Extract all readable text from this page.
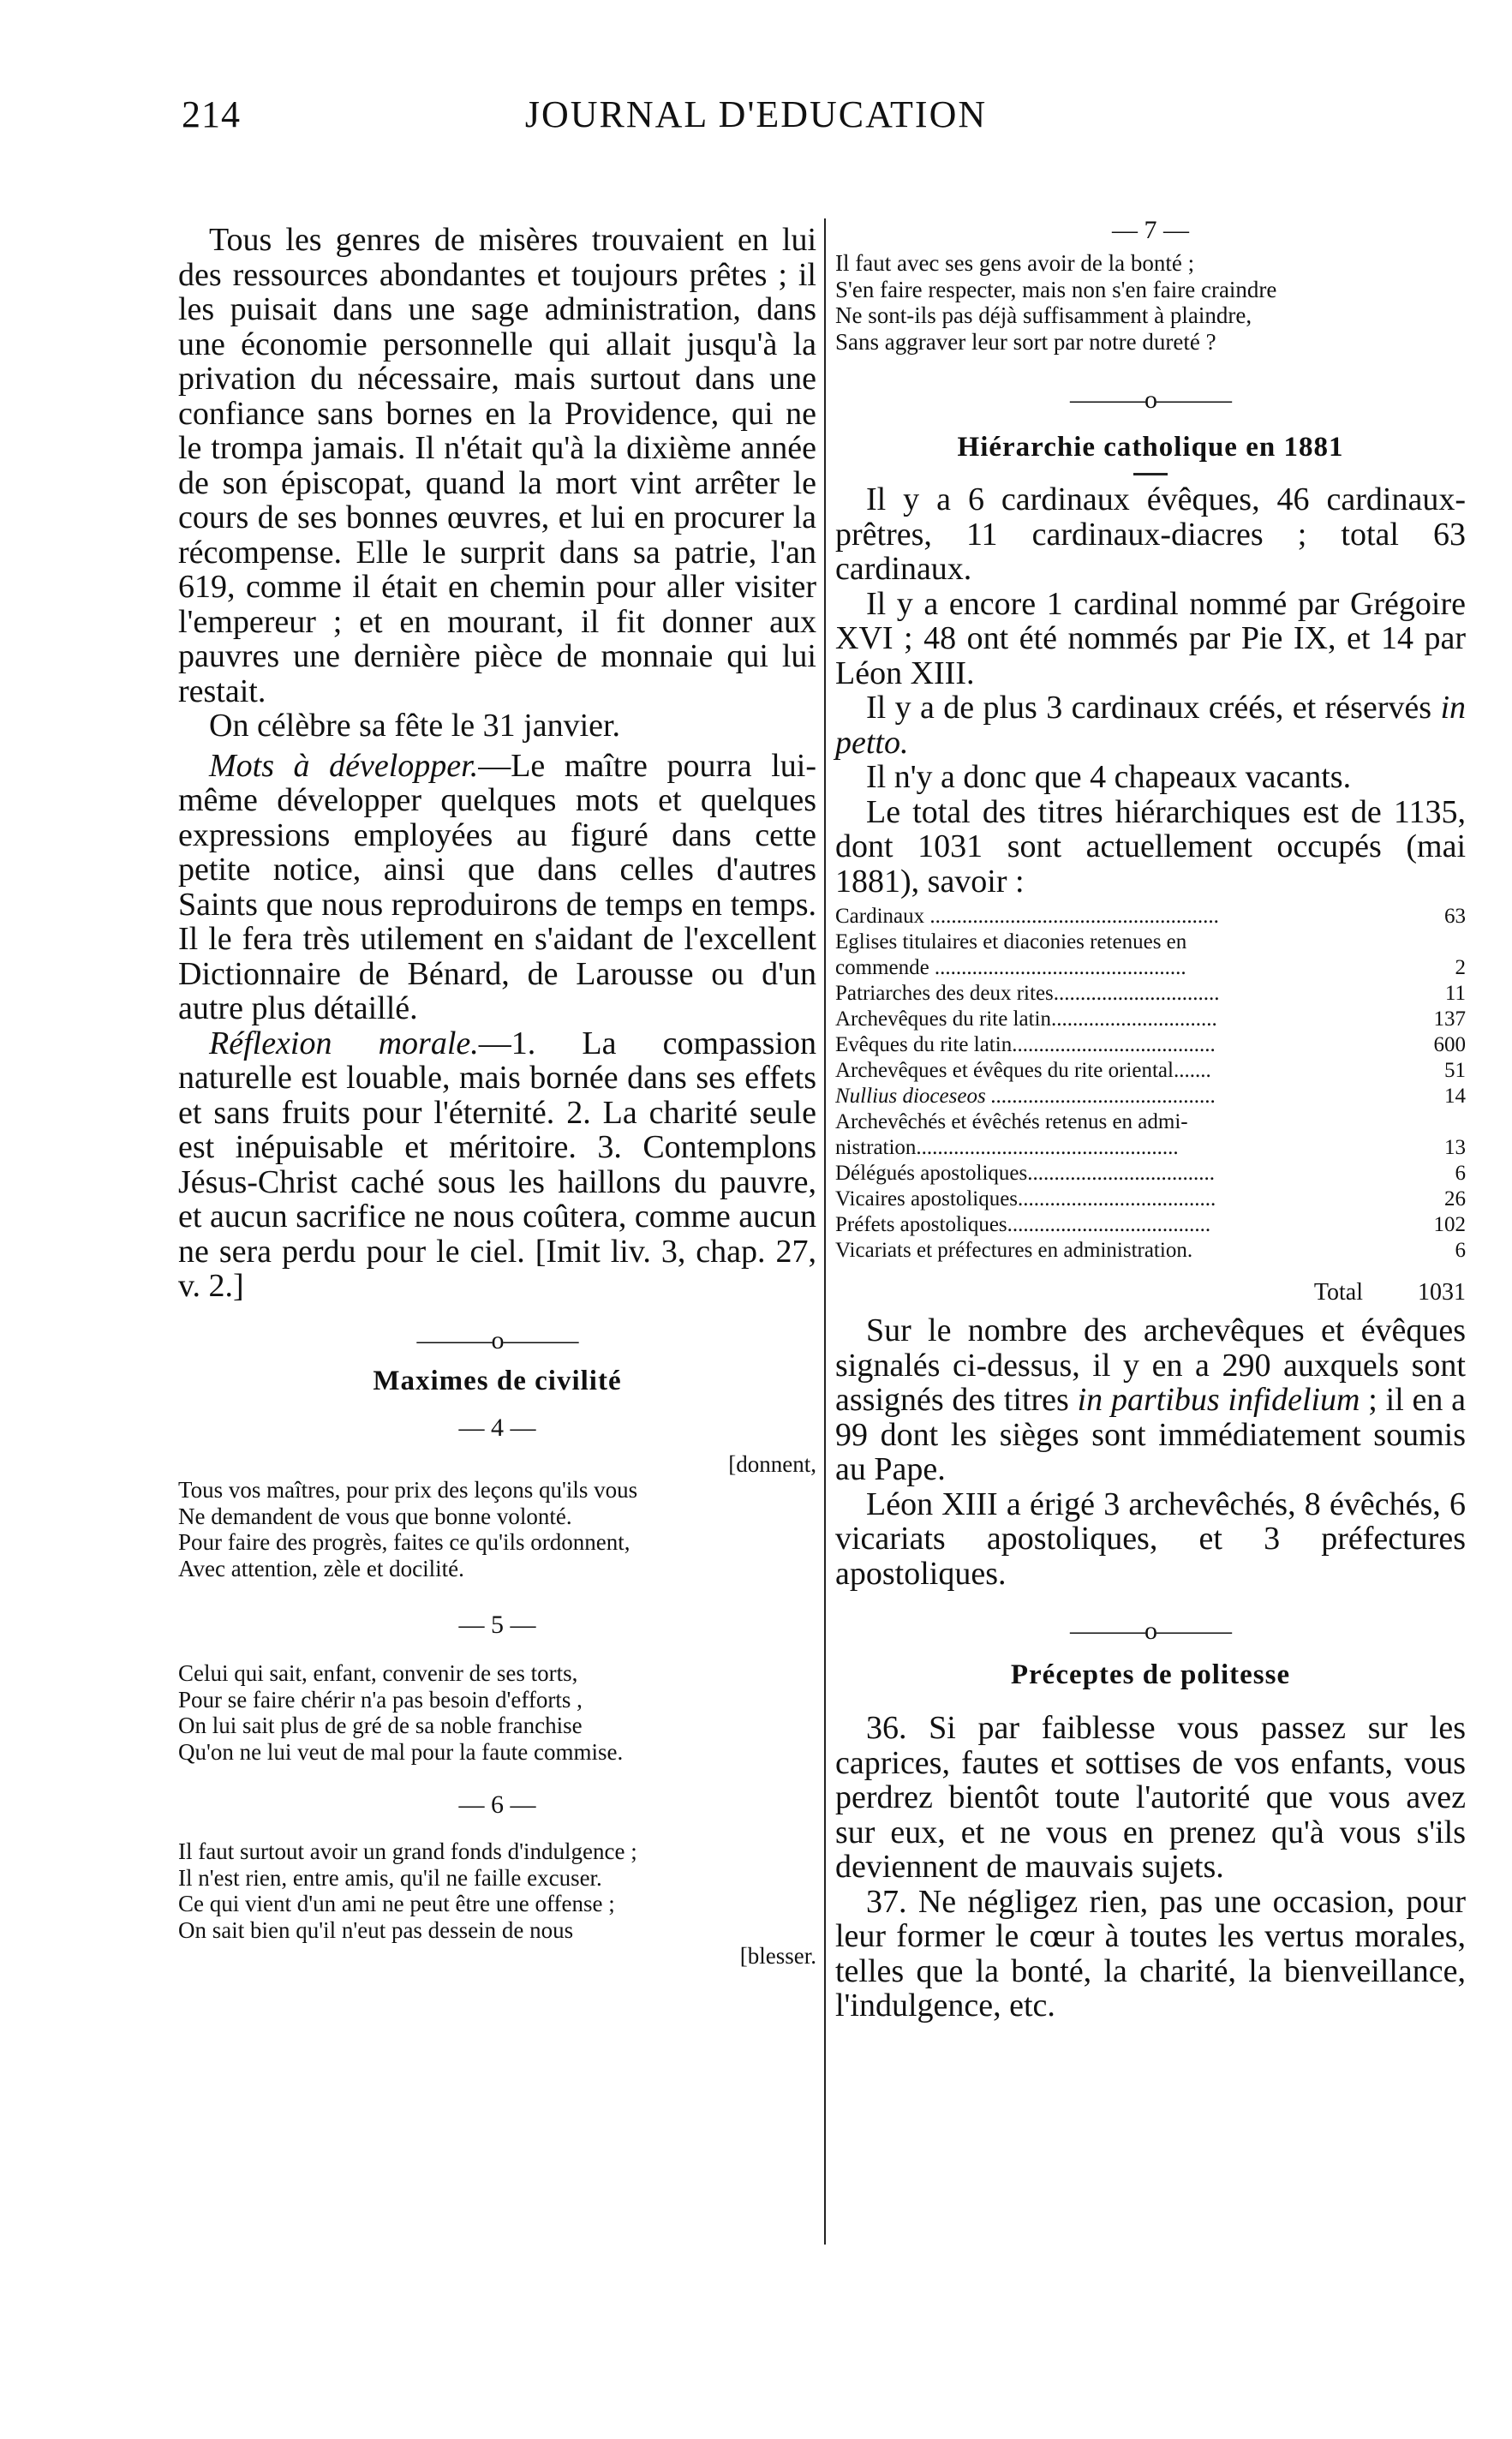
214	JOURNAL D'EDUCATION

Tous les genres de misères trouvaient en lui des ressources abondantes et toujours prêtes ; il les puisait dans une sage administration, dans une économie personnelle qui allait jusqu'à la privation du nécessaire, mais surtout dans une confiance sans bornes en la Providence, qui ne le trompa jamais. Il n'était qu'à la dixième année de son épiscopat, quand la mort vint arrêter le cours de ses bonnes œuvres, et lui en procurer la récompense. Elle le surprit dans sa patrie, l'an 619, comme il était en chemin pour aller visiter l'empereur ; et en mourant, il fit donner aux pauvres une dernière pièce de monnaie qui lui restait.

On célèbre sa fête le 31 janvier.

Mots à développer.—Le maître pourra lui-même développer quelques mots et quelques expressions employées au figuré dans cette petite notice, ainsi que dans celles d'autres Saints que nous reproduirons de temps en temps. Il le fera très utilement en s'aidant de l'excellent Dictionnaire de Bénard, de Larousse ou d'un autre plus détaillé.

Réflexion morale.—1. La compassion naturelle est louable, mais bornée dans ses effets et sans fruits pour l'éternité. 2. La charité seule est inépuisable et méritoire. 3. Contemplons Jésus-Christ caché sous les haillons du pauvre, et aucun sacrifice ne nous coûtera, comme aucun ne sera perdu pour le ciel. [Imit liv. 3, chap. 27, v. 2.]

———o———
Maximes de civilité
— 4 —

[donnent,

Tous vos maîtres, pour prix des leçons qu'ils vous

Ne demandent de vous que bonne volonté.

Pour faire des progrès, faites ce qu'ils ordonnent,

Avec attention, zèle et docilité.

— 5 —

Celui qui sait, enfant, convenir de ses torts,

Pour se faire chérir n'a pas besoin d'efforts ,

On lui sait plus de gré de sa noble franchise

Qu'on ne lui veut de mal pour la faute commise.

— 6 —

Il faut surtout avoir un grand fonds d'indulgence ;

Il n'est rien, entre amis, qu'il ne faille excuser.

Ce qui vient d'un ami ne peut être une offense ;

On sait bien qu'il n'eut pas dessein de nous

[blesser.

— 7 —

Il faut avec ses gens avoir de la bonté ;

S'en faire respecter, mais non s'en faire craindre

Ne sont-ils pas déjà suffisamment à plaindre,

Sans aggraver leur sort par notre dureté ?

———o———
Hiérarchie catholique en 1881

Il y a 6 cardinaux évêques, 46 cardinaux-prêtres, 11 cardinaux-diacres ; total 63 cardinaux.

Il y a encore 1 cardinal nommé par Grégoire XVI ; 48 ont été nommés par Pie IX, et 14 par Léon XIII.

Il y a de plus 3 cardinaux créés, et réservés in petto.

Il n'y a donc que 4 chapeaux vacants.

Le total des titres hiérarchiques est de 1135, dont 1031 sont actuellement occupés (mai 1881), savoir :

Cardinaux ......................................................	63
Eglises titulaires et diaconies retenues en	
commende ...............................................	2
Patriarches des deux rites...............................	11
Archevêques du rite latin...............................	137
Evêques du rite latin......................................	600
Archevêques et évêques du rite oriental.......	51
Nullius dioceseos ..........................................	14
Archevêchés et évêchés retenus en admi-	
nistration.................................................	13
Délégués apostoliques...................................	6
Vicaires apostoliques.....................................	26
Préfets apostoliques......................................	102
Vicariats et préfectures en administration.	6
Total	1031

Sur le nombre des archevêques et évêques signalés ci-dessus, il y en a 290 auxquels sont assignés des titres in partibus infidelium ; il en a 99 dont les sièges sont immédiatement soumis au Pape.

Léon XIII a érigé 3 archevêchés, 8 évêchés, 6 vicariats apostoliques, et 3 préfectures apostoliques.

———o———
Préceptes de politesse

36. Si par faiblesse vous passez sur les caprices, fautes et sottises de vos enfants, vous perdrez bientôt toute l'autorité que vous avez sur eux, et ne vous en prenez qu'à vous s'ils deviennent de mauvais sujets.

37. Ne négligez rien, pas une occasion, pour leur former le cœur à toutes les vertus morales, telles que la bonté, la charité, la bienveillance, l'indulgence, etc.
